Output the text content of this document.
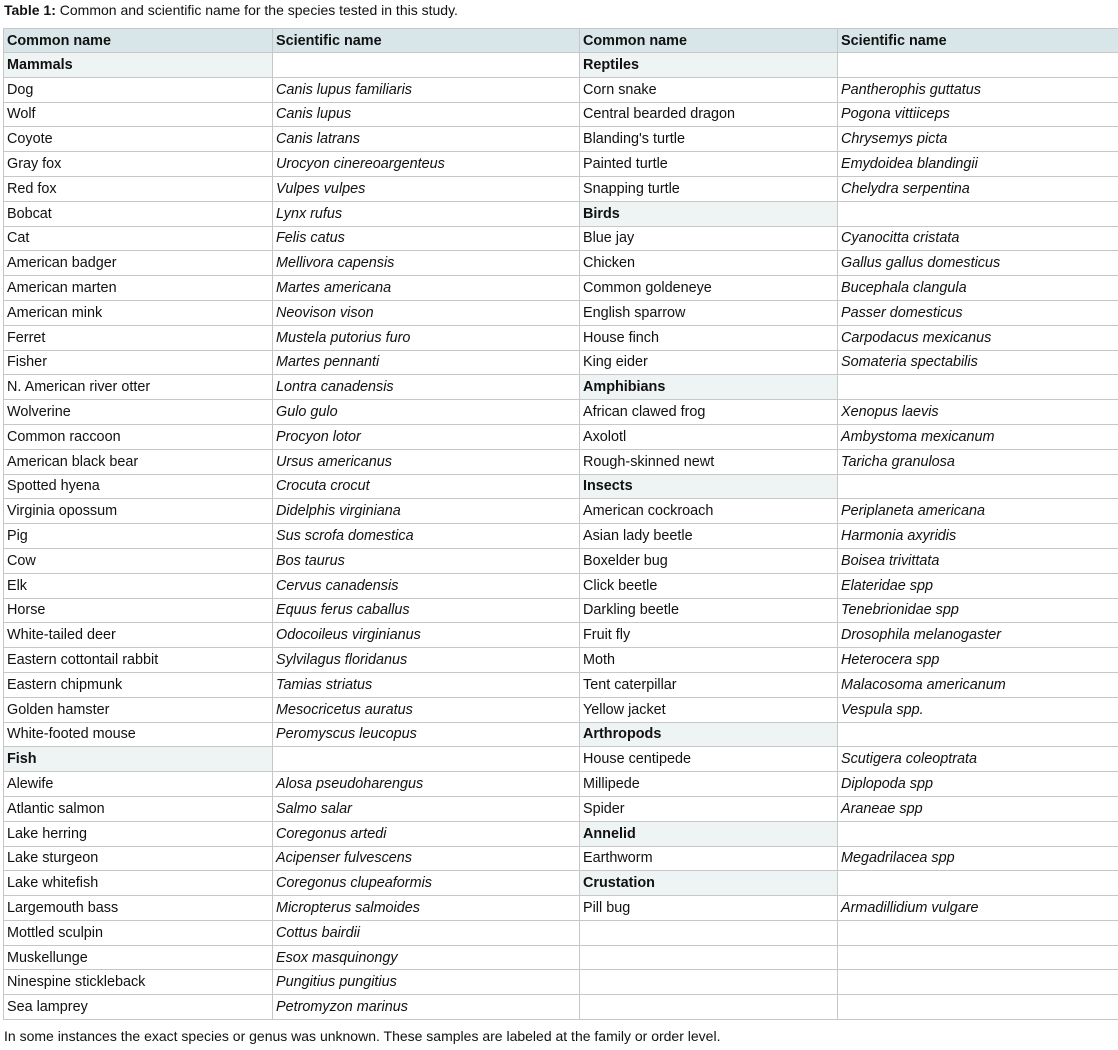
Table 1: Common and scientific name for the species tested in this study.
Common name	Scientific name	Common name	Scientific name
Mammals		Reptiles	
Dog	Canis lupus familiaris	Corn snake	Pantherophis guttatus
Wolf	Canis lupus	Central bearded dragon	Pogona vittiiceps
Coyote	Canis latrans	Blanding's turtle	Chrysemys picta
Gray fox	Urocyon cinereoargenteus	Painted turtle	Emydoidea blandingii
Red fox	Vulpes vulpes	Snapping turtle	Chelydra serpentina
Bobcat	Lynx rufus	Birds	
Cat	Felis catus	Blue jay	Cyanocitta cristata
American badger	Mellivora capensis	Chicken	Gallus gallus domesticus
American marten	Martes americana	Common goldeneye	Bucephala clangula
American mink	Neovison vison	English sparrow	Passer domesticus
Ferret	Mustela putorius furo	House finch	Carpodacus mexicanus
Fisher	Martes pennanti	King eider	Somateria spectabilis
N. American river otter	Lontra canadensis	Amphibians	
Wolverine	Gulo gulo	African clawed frog	Xenopus laevis
Common raccoon	Procyon lotor	Axolotl	Ambystoma mexicanum
American black bear	Ursus americanus	Rough-skinned newt	Taricha granulosa
Spotted hyena	Crocuta crocut	Insects	
Virginia opossum	Didelphis virginiana	American cockroach	Periplaneta americana
Pig	Sus scrofa domestica	Asian lady beetle	Harmonia axyridis
Cow	Bos taurus	Boxelder bug	Boisea trivittata
Elk	Cervus canadensis	Click beetle	Elateridae spp
Horse	Equus ferus caballus	Darkling beetle	Tenebrionidae spp
White-tailed deer	Odocoileus virginianus	Fruit fly	Drosophila melanogaster
Eastern cottontail rabbit	Sylvilagus floridanus	Moth	Heterocera spp
Eastern chipmunk	Tamias striatus	Tent caterpillar	Malacosoma americanum
Golden hamster	Mesocricetus auratus	Yellow jacket	Vespula spp.
White-footed mouse	Peromyscus leucopus	Arthropods	
Fish		House centipede	Scutigera coleoptrata
Alewife	Alosa pseudoharengus	Millipede	Diplopoda spp
Atlantic salmon	Salmo salar	Spider	Araneae spp
Lake herring	Coregonus artedi	Annelid	
Lake sturgeon	Acipenser fulvescens	Earthworm	Megadrilacea spp
Lake whitefish	Coregonus clupeaformis	Crustation	
Largemouth bass	Micropterus salmoides	Pill bug	Armadillidium vulgare
Mottled sculpin	Cottus bairdii		
Muskellunge	Esox masquinongy		
Ninespine stickleback	Pungitius pungitius		
Sea lamprey	Petromyzon marinus		
In some instances the exact species or genus was unknown. These samples are labeled at the family or order level.
